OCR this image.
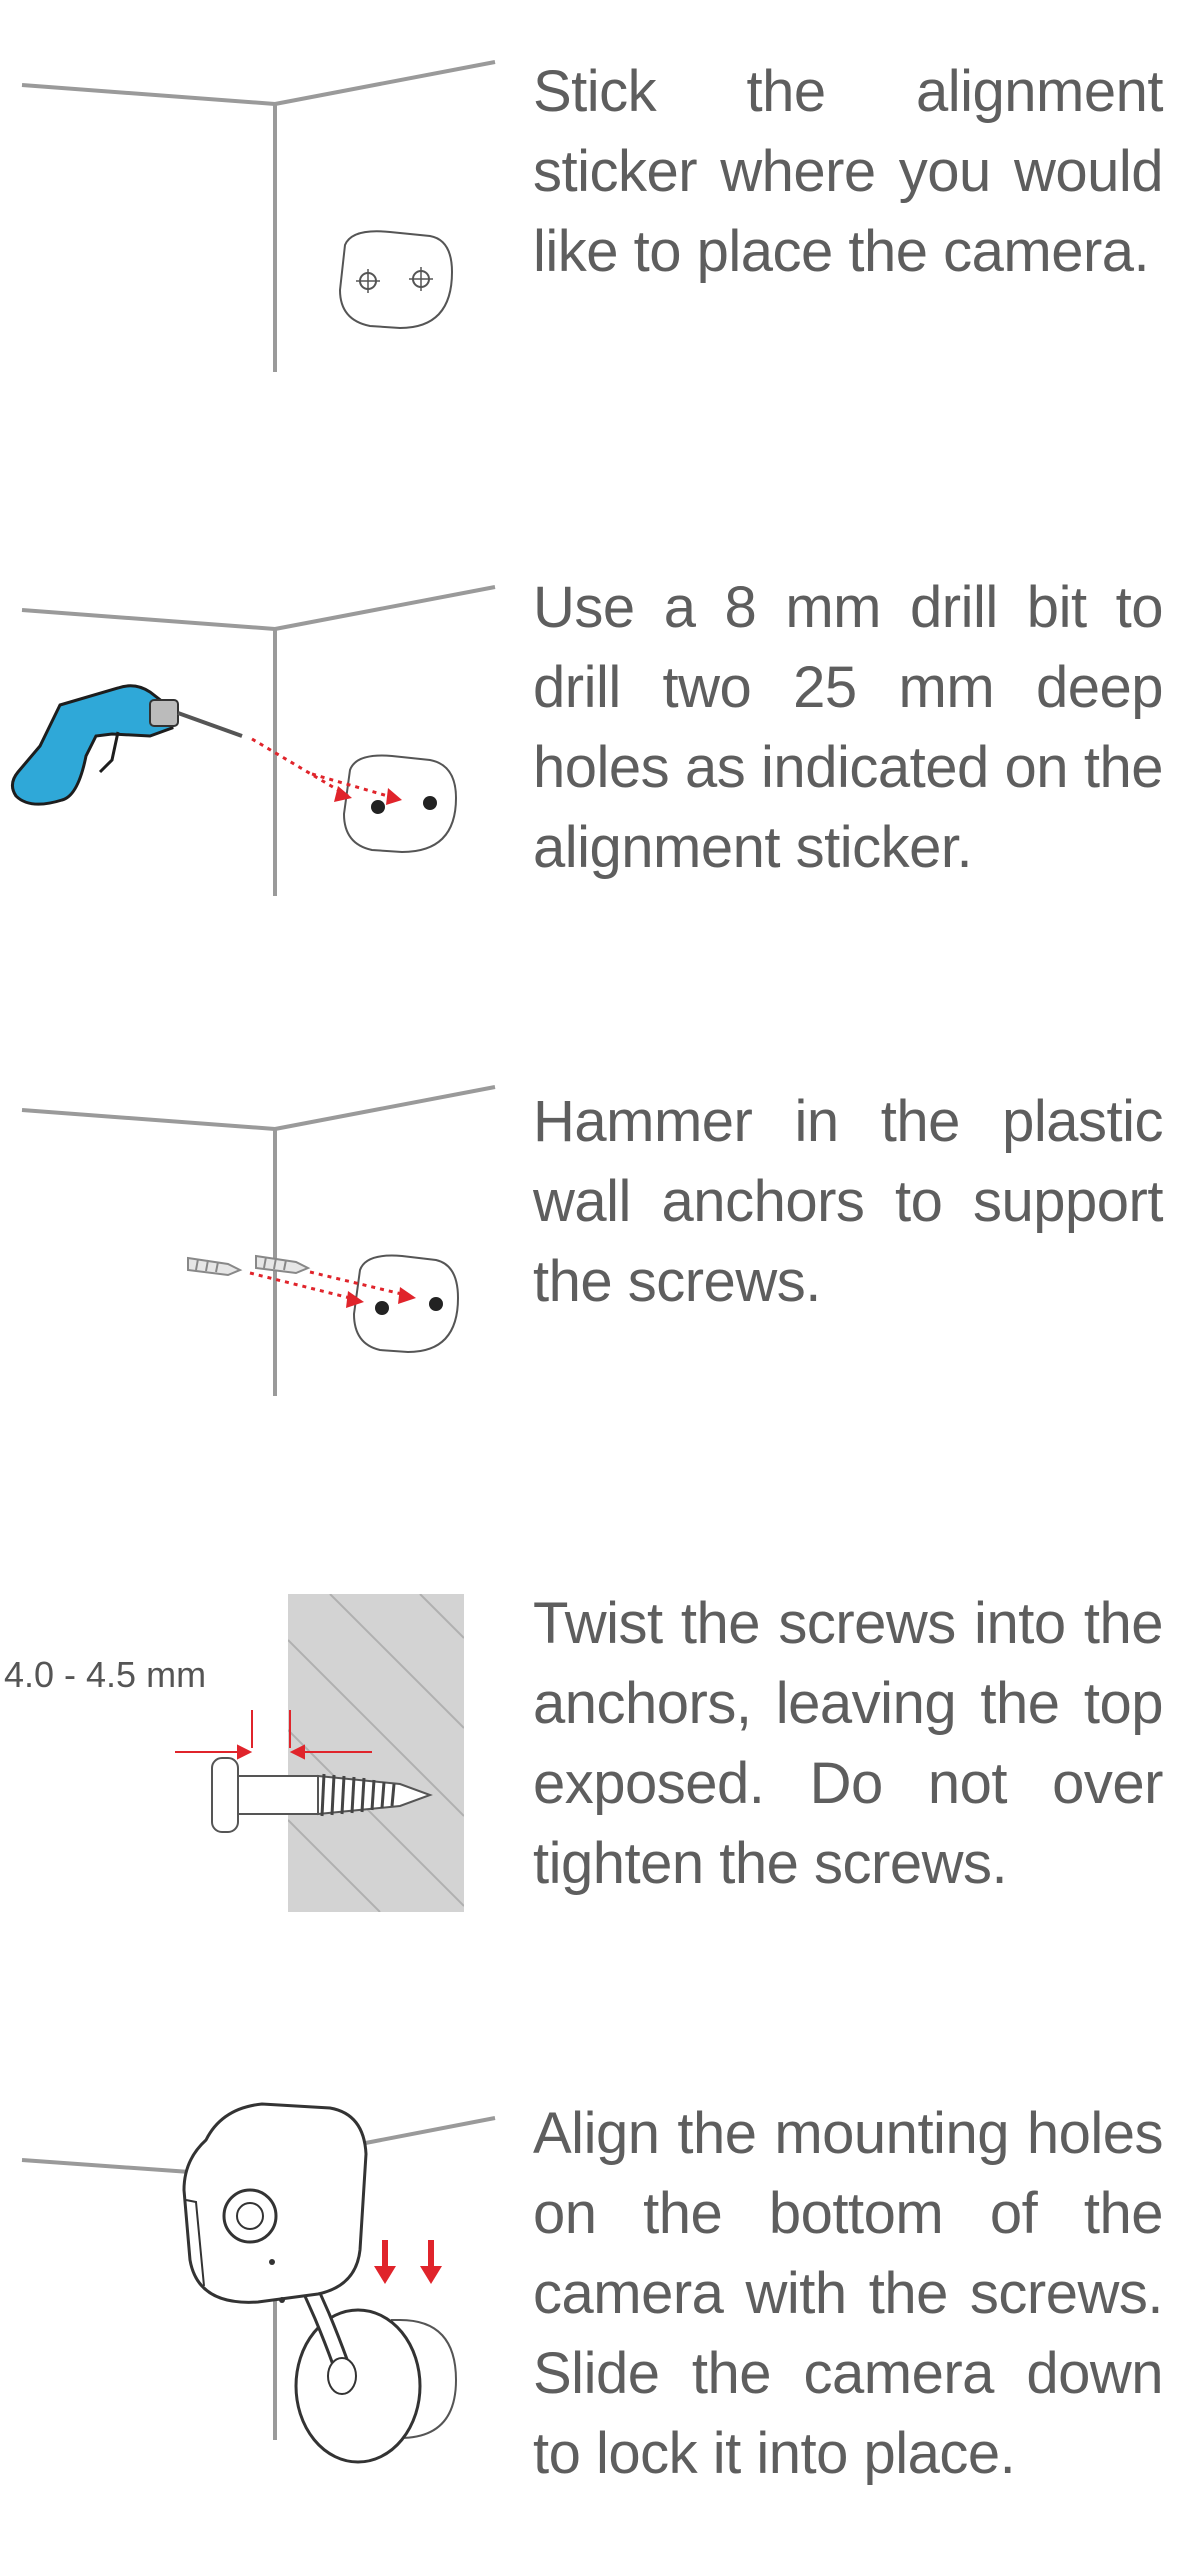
Stick the alignment sticker where you would like to place the camera.
Use a 8 mm drill bit to drill two 25 mm deep holes as indicated on the alignment sticker.
Hammer in the plastic wall anchors to support the screws.
4.0 - 4.5 mm
Twist the screws into the anchors, leaving the top exposed. Do not over tighten the screws.
Align the mounting holes on the bottom of the camera with the screws. Slide the camera down to lock it into place.
